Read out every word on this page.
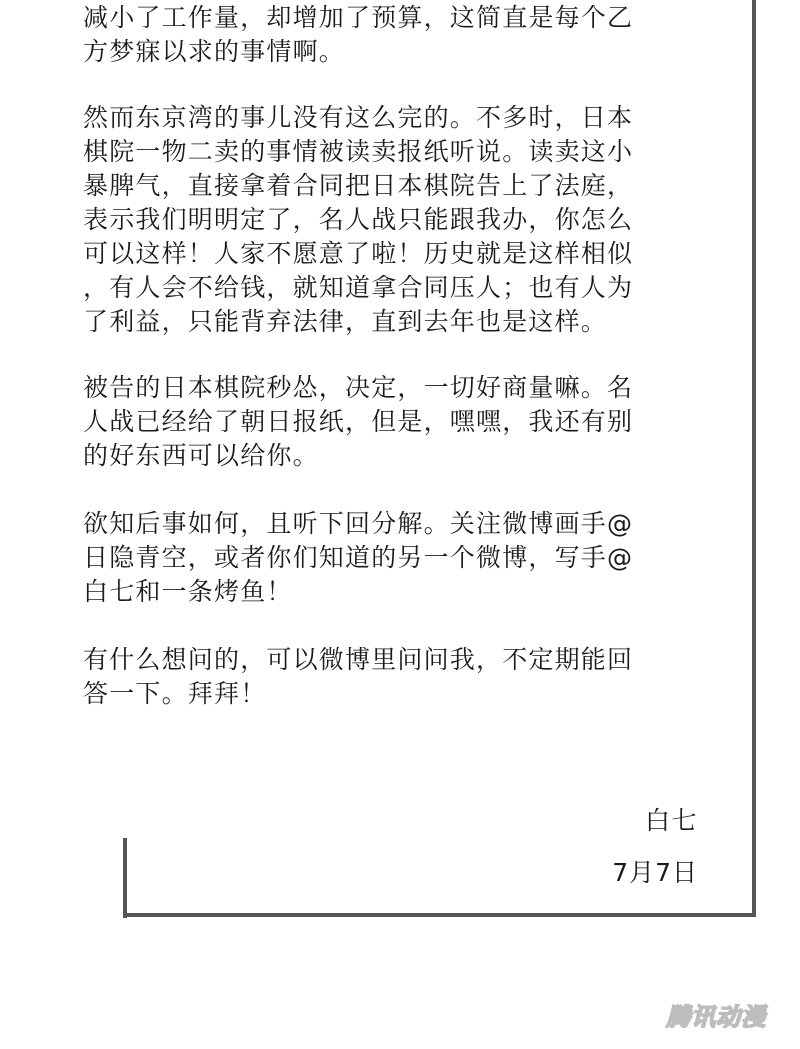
减小了工作量，却增加了预算，这简直是每个乙
方梦寐以求的事情啊。

然而东京湾的事儿没有这么完的。不多时，日本
棋院一物二卖的事情被读卖报纸听说。读卖这小
暴脾气，直接拿着合同把日本棋院告上了法庭，
表示我们明明定了，名人战只能跟我办，你怎么
可以这样！人家不愿意了啦！历史就是这样相似
，有人会不给钱，就知道拿合同压人；也有人为
了利益，只能背弃法律，直到去年也是这样。

被告的日本棋院秒怂，决定，一切好商量嘛。名
人战已经给了朝日报纸，但是，嘿嘿，我还有别
的好东西可以给你。

欲知后事如何，且听下回分解。关注微博画手@
日隐青空，或者你们知道的另一个微博，写手@
白七和一条烤鱼！

有什么想问的，可以微博里问问我，不定期能回
答一下。拜拜！

白七
7月7日
腾讯动漫
